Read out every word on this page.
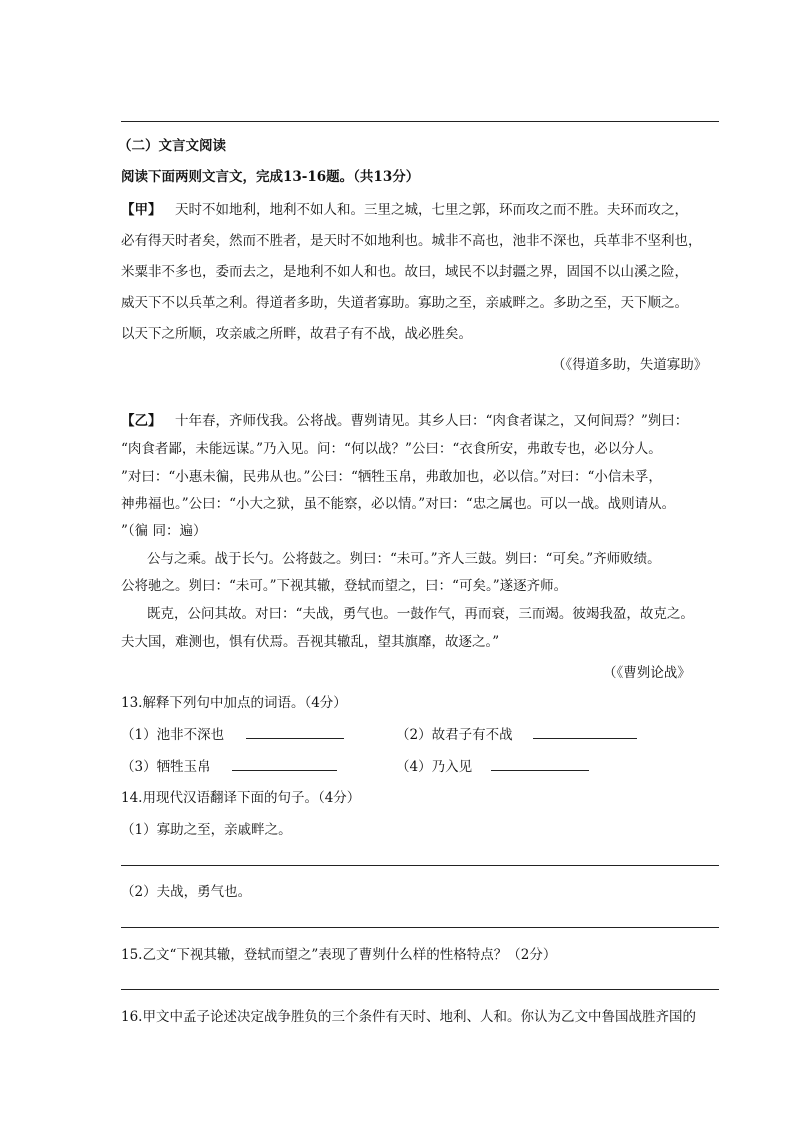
（二）文言文阅读
阅读下面两则文言文，完成13-16题。（共13分）
【甲】 天时不如地利，地利不如人和。三里之城，七里之郭，环而攻之而不胜。夫环而攻之，
必有得天时者矣，然而不胜者，是天时不如地利也。城非不高也，池非不深也，兵革非不坚利也，
米粟非不多也，委而去之，是地利不如人和也。故曰，域民不以封疆之界，固国不以山溪之险，
威天下不以兵革之利。得道者多助，失道者寡助。寡助之至，亲戚畔之。多助之至，天下顺之。
以天下之所顺，攻亲戚之所畔，故君子有不战，战必胜矣。
（《得道多助，失道寡助》
【乙】 十年春，齐师伐我。公将战。曹刿请见。其乡人曰：“肉食者谋之，又何间焉？”刿曰：
“肉食者鄙，未能远谋。”乃入见。问：“何以战？”公曰：“衣食所安，弗敢专也，必以分人。
”对曰：“小惠未徧，民弗从也。”公曰：“牺牲玉帛，弗敢加也，必以信。”对曰：“小信未孚，
神弗福也。”公曰：“小大之狱，虽不能察，必以情。”对曰：“忠之属也。可以一战。战则请从。
”（徧 同：遍）
公与之乘。战于长勺。公将鼓之。刿曰：“未可。”齐人三鼓。刿曰：“可矣。”齐师败绩。
公将驰之。刿曰：“未可。”下视其辙，登轼而望之，曰：“可矣。”遂逐齐师。
既克，公问其故。对曰：“夫战，勇气也。一鼓作气，再而衰，三而竭。彼竭我盈，故克之。
夫大国，难测也，惧有伏焉。吾视其辙乱，望其旗靡，故逐之。”
（《曹刿论战》
13.解释下列句中加点的词语。（4分）
（1）池非不深也	（2）故君子有不战
（3）牺牲玉帛	（4）乃入见
14.用现代汉语翻译下面的句子。（4分）
（1）寡助之至，亲戚畔之。
（2）夫战，勇气也。
15.乙文“下视其辙，登轼而望之”表现了曹刿什么样的性格特点？（2分）
16.甲文中孟子论述决定战争胜负的三个条件有天时、地利、人和。你认为乙文中鲁国战胜齐国的
